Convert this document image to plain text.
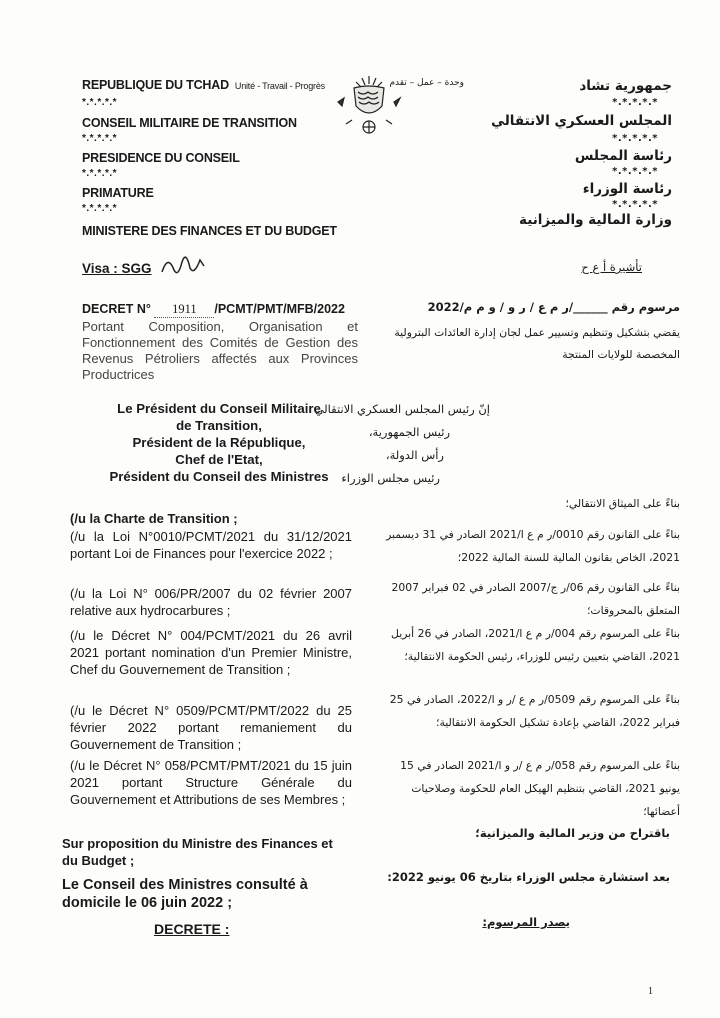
REPUBLIQUE DU TCHAD Unité - Travail - Progrès
*.*.*.*.*
CONSEIL MILITAIRE DE TRANSITION
*.*.*.*.*
PRESIDENCE DU CONSEIL
*.*.*.*.*
PRIMATURE
*.*.*.*.*
MINISTERE DES FINANCES ET DU BUDGET
وحدة – عمل – تقدم	جمهورية تشاد
*.*.*.*.*
المجلس العسكري الانتقالي
*.*.*.*.*
رئاسة المجلس
*.*.*.*.*
رئاسة الوزراء
*.*.*.*.*
وزارة المالية والميزانية
Visa : SGG	تأشيرة أ ع ح
DECRET N° 1911 /PCMT/PMT/MFB/2022
Portant Composition, Organisation et Fonctionnement des Comités de Gestion des Revenus Pétroliers affectés aux Provinces Productrices
مرسوم رقم ______/ر م ع / ر و / و م م/2022
يقضي بتشكيل وتنظيم وتسيير عمل لجان إدارة العائدات البترولية المخصصة للولايات المنتجة
Le Président du Conseil Militaire
de Transition,
Président de la République,
Chef de l'Etat,
Président du Conseil des Ministres
إنّ رئيس المجلس العسكري الانتقالي
رئيس الجمهورية،
رأس الدولة،
رئيس مجلس الوزراء
(/u la Charte de Transition ;
(/u la Loi N°0010/PCMT/2021 du 31/12/2021 portant Loi de Finances pour l'exercice 2022 ;
(/u la Loi N° 006/PR/2007 du 02 février 2007 relative aux hydrocarbures ;
(/u le Décret N° 004/PCMT/2021 du 26 avril 2021 portant nomination d'un Premier Ministre, Chef du Gouvernement de Transition ;
(/u le Décret N° 0509/PCMT/PMT/2022 du 25 février 2022 portant remaniement du Gouvernement de Transition ;
(/u le Décret N° 058/PCMT/PMT/2021 du 15 juin 2021 portant Structure Générale du Gouvernement et Attributions de ses Membres ;
بناءً على الميثاق الانتقالي؛
بناءً على القانون رقم 0010/ر م ع ا/2021 الصادر في 31 ديسمبر 2021، الخاص بقانون المالية للسنة المالية 2022؛
بناءً على القانون رقم 06/ر ج/2007 الصادر في 02 فبراير 2007 المتعلق بالمحروقات؛
بناءً على المرسوم رقم 004/ر م ع ا/2021، الصادر في 26 أبريل 2021، القاضي بتعيين رئيس للوزراء، رئيس الحكومة الانتقالية؛
بناءً على المرسوم رقم 0509/ر م ع /ر و ا/2022، الصادر في 25 فبراير 2022، القاضي بإعادة تشكيل الحكومة الانتقالية؛
بناءً على المرسوم رقم 058/ر م ع /ر و ا/2021 الصادر في 15 يونيو 2021، القاضي بتنظيم الهيكل العام للحكومة وصلاحيات أعضائها؛
Sur proposition du Ministre des Finances et du Budget ;
Le Conseil des Ministres consulté à domicile le 06 juin 2022 ;
DECRETE :
باقتراح من وزير المالية والميزانية؛
بعد استشارة مجلس الوزراء بتاريخ 06 يونيو 2022:
يصدر المرسوم:
1
